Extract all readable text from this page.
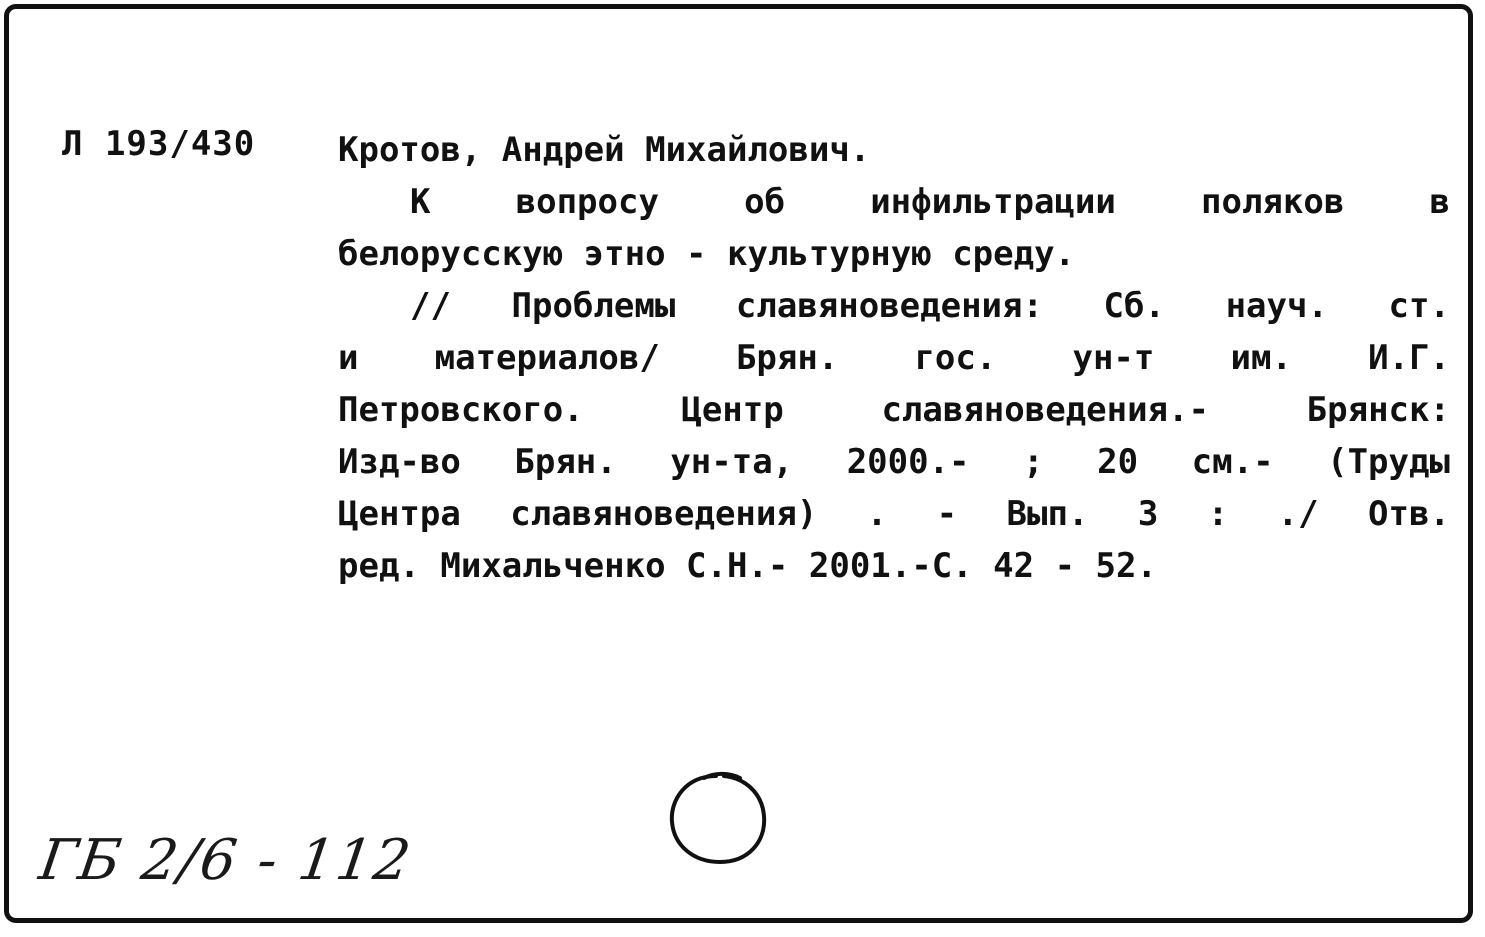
Л 193/430 Кротов, Андрей Михайлович.
К	вопросу	об	инфильтрации	поляков	в
белорусскую этно - культурную среду.
// Проблемы славяноведения: Сб. науч. ст.
и материалов/ Брян. гос. ун-т им. И.Г.
Петровского.	Центр	славяноведения.-	Брянск:
Изд-во Брян. ун-та, 2000.- ; 20 см.- (Труды
Центра славяноведения) . - Вып. 3 : ./ Отв.
ред. Михальченко С.Н.- 2001.-С. 42 - 52.
ГБ 2/6 - 112
